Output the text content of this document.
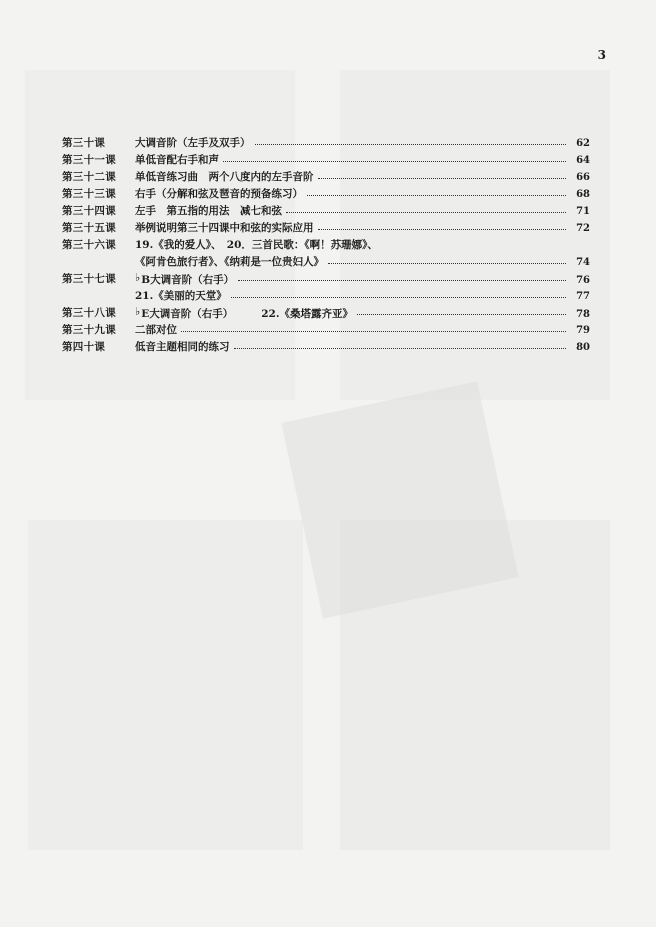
3
第三十课	大调音阶（左手及双手）	62
第三十一课 单低音配右手和声	64
第三十二课 单低音练习曲　两个八度内的左手音阶	66
第三十三课 右手（分解和弦及琶音的预备练习）	68
第三十四课 左手　第五指的用法　减七和弦	71
第三十五课 举例说明第三十四课中和弦的实际应用	72
第三十六课 19.《我的爱人》、　20．三首民歌：《啊！苏珊娜》、
《阿肯色旅行者》、《纳莉是一位贵妇人》	74
第三十七课 ♭B大调音阶（右手）	76
21.《美丽的天堂》	77
第三十八课 ♭E大调音阶（右手）	22.《桑塔露齐亚》	78
第三十九课 二部对位	79
第四十课	低音主题相同的练习	80
